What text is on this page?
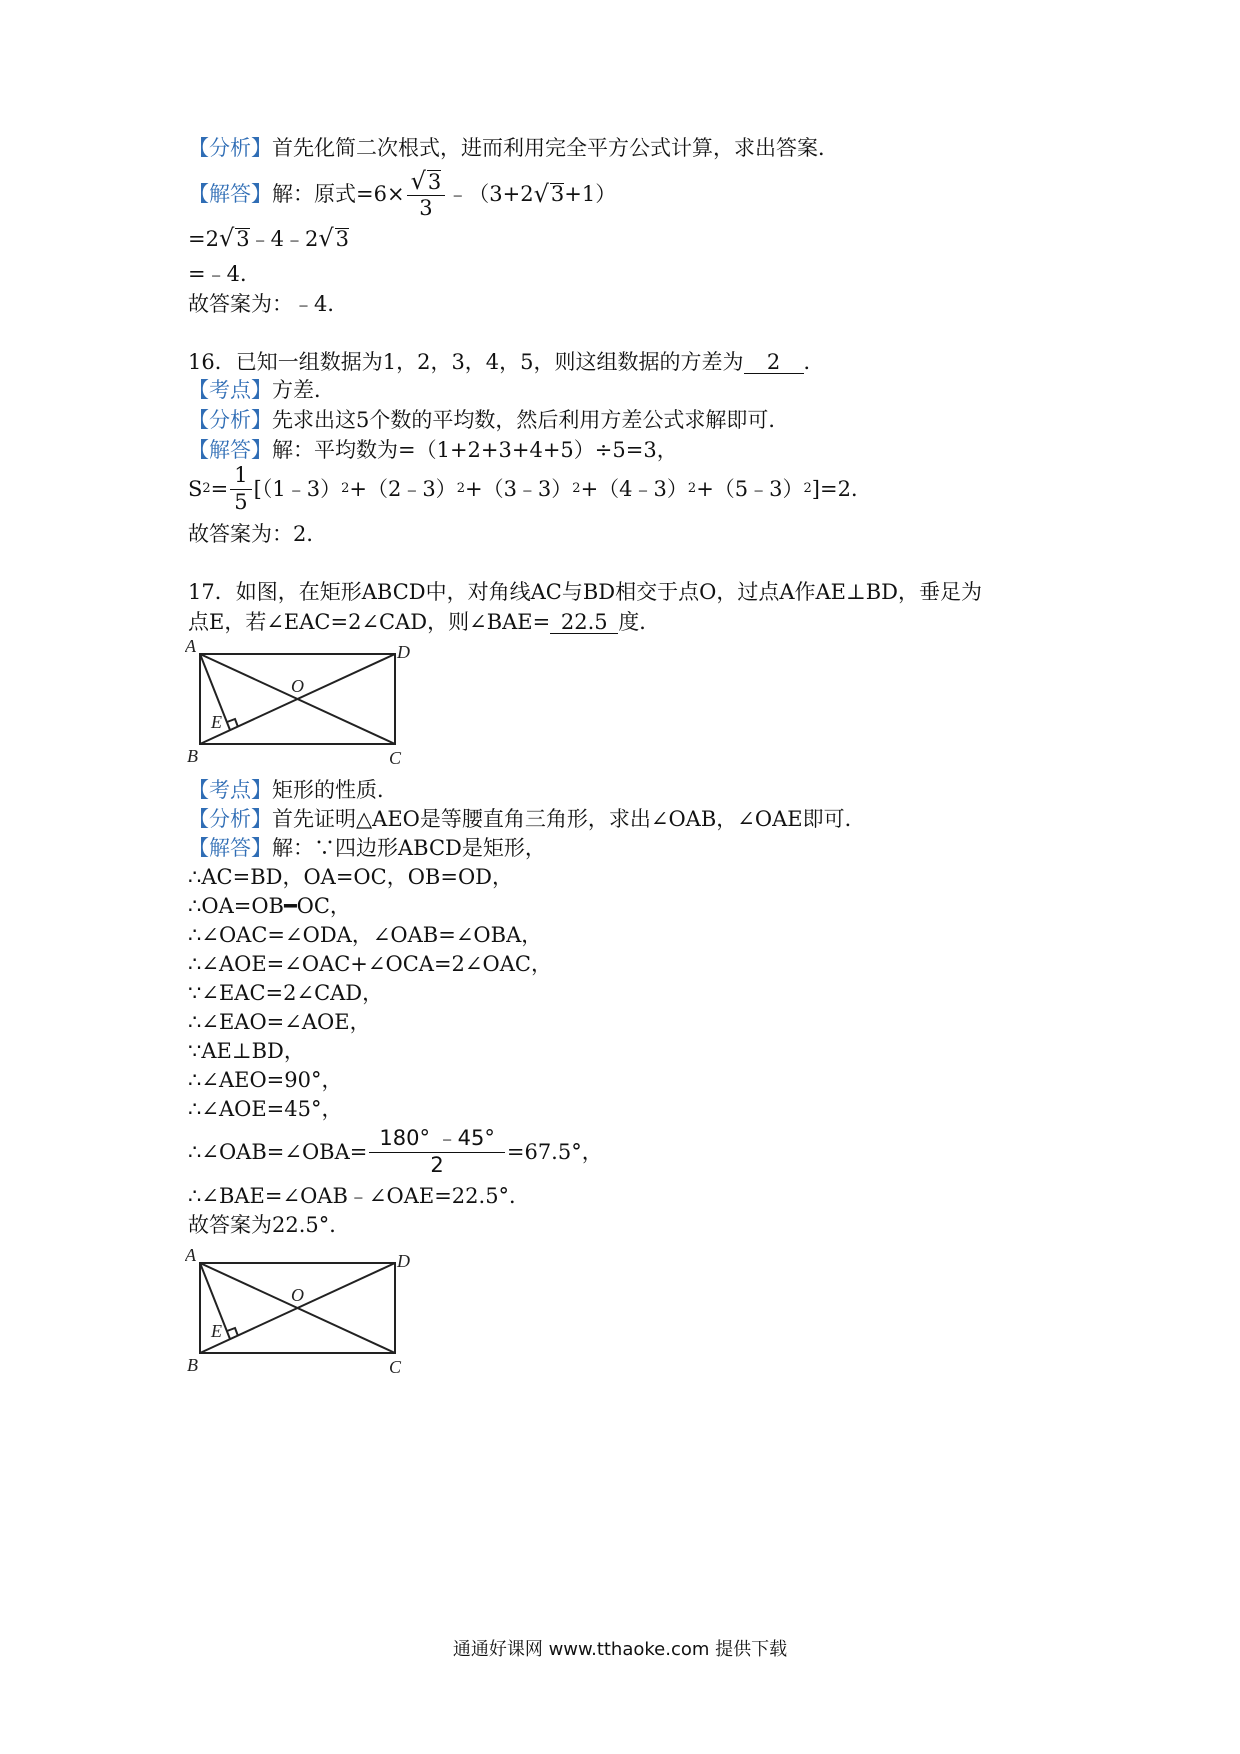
【分析】首先化简二次根式，进而利用完全平方公式计算，求出答案．
【解答】 解：原式$=6\times \frac{√3}{3}$ ﹣（3+2 √ 3 +1）
=2√3﹣4﹣2√3
=﹣4．
故答案为：﹣4．
16．已知一组数据为1，2，3，4，5，则这组数据的方差为 2 ．
【考点】方差．
【分析】先求出这5个数的平均数，然后利用方差公式求解即可．
【解答】解：平均数为=（1+2+3+4+5）÷5=3，
S $2 = \frac{1}{5}$ [（1﹣3） 2 +（2﹣3） 2 +（3﹣3） 2 +（4﹣3） 2 +（5﹣3） 2 ]=2．
故答案为：2．
17．如图，在矩形ABCD中，对角线AC与BD相交于点O，过点A作AE⊥BD，垂足为
点E，若∠EAC=2∠CAD，则∠BAE= 22.5 度．
A	D
O
E
B	C
【考点】矩形的性质．
【分析】首先证明△AEO是等腰直角三角形，求出∠OAB，∠OAE即可．
【解答】解：∵四边形ABCD是矩形，
∴AC=BD，OA=OC，OB=OD，
∴OA=OB━OC，
∴∠OAC=∠ODA，∠OAB=∠OBA，
∴∠AOE=∠OAC+∠OCA=2∠OAC，
∵∠EAC=2∠CAD，
∴∠EAO=∠AOE，
∵AE⊥BD，
∴∠AEO=90°，
∴∠AOE=45°，
∴∠OAB=∠OBA= $\frac{180^\circ ﹣45^\circ}{2} =67.5^\circ$，
∴∠BAE=∠OAB﹣∠OAE=22.5°．
故答案为22.5°．
A	D
O
E
B	C
通通好课网 www.tthaoke.com 提供下载
